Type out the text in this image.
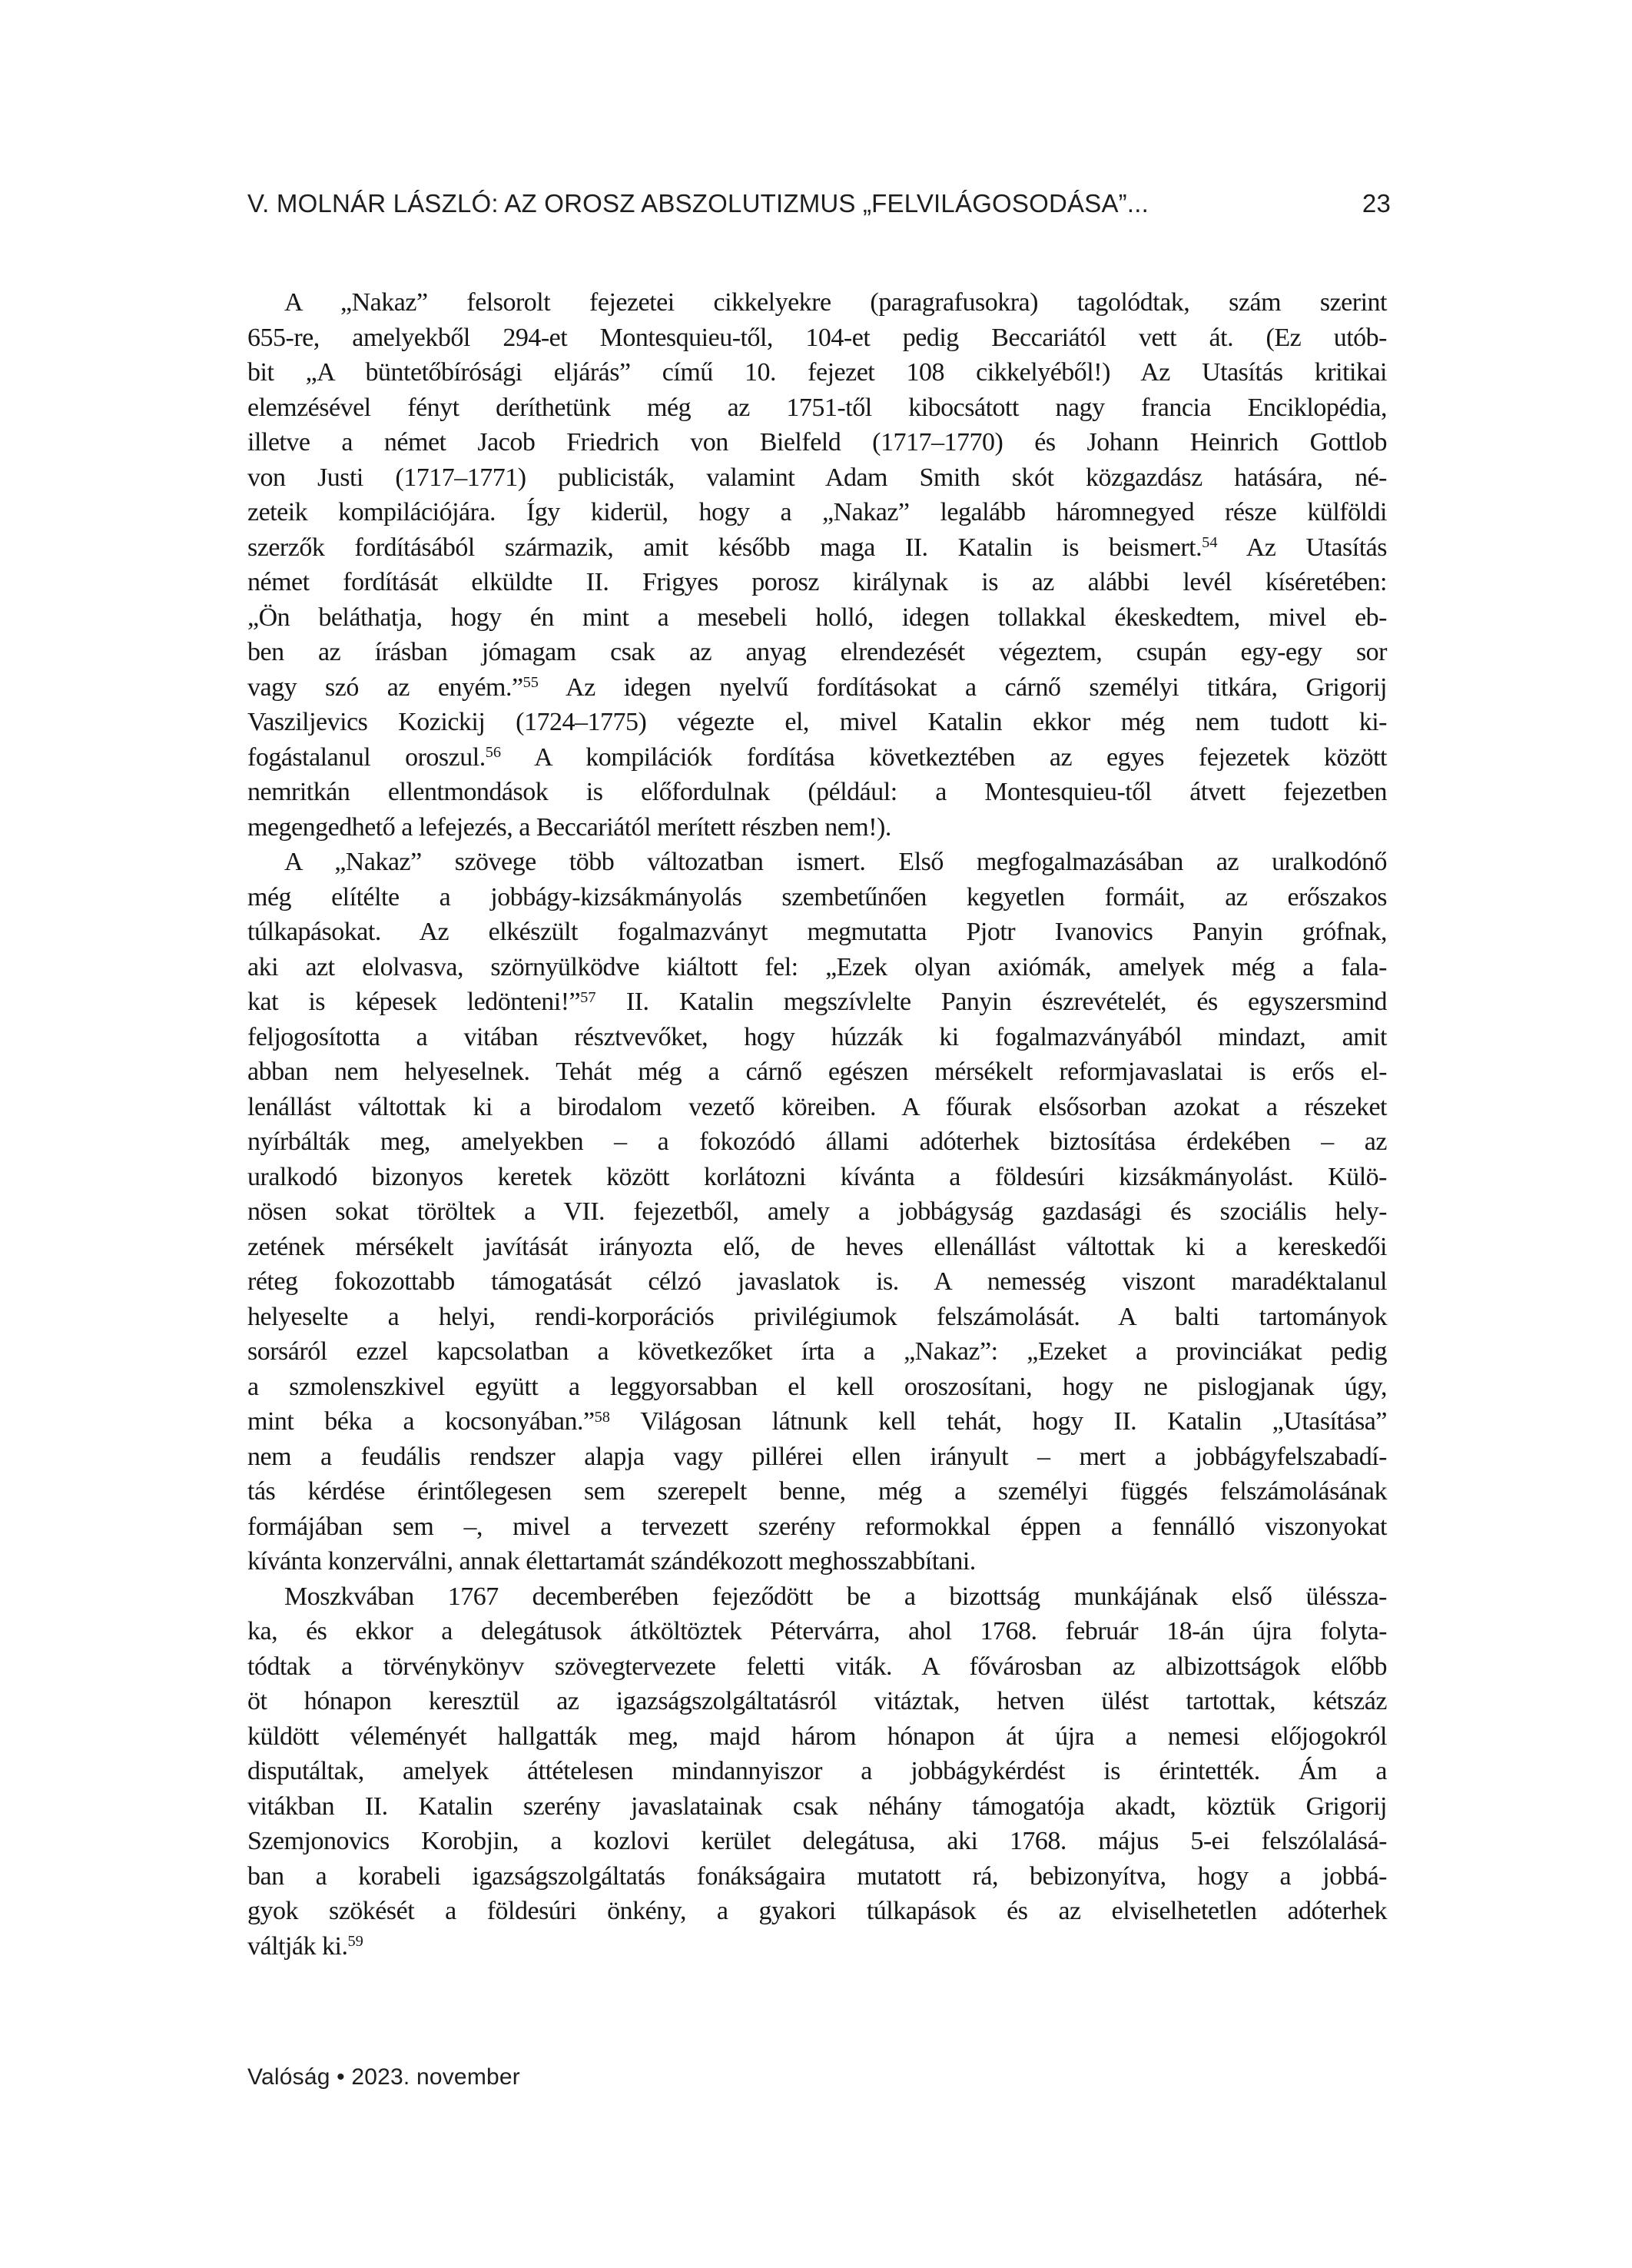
V. MOLNÁR LÁSZLÓ: AZ OROSZ ABSZOLUTIZMUS „FELVILÁGOSODÁSA”...	23
A „Nakaz” felsorolt fejezetei cikkelyekre (paragrafusokra) tagolódtak, szám szerint
655-re, amelyekből 294-et Montesquieu-től, 104-et pedig Beccariától vett át. (Ez utób-
bit „A büntetőbírósági eljárás” című 10. fejezet 108 cikkelyéből!) Az Utasítás kritikai
elemzésével fényt deríthetünk még az 1751-től kibocsátott nagy francia Enciklopédia,
illetve a német Jacob Friedrich von Bielfeld (1717–1770) és Johann Heinrich Gottlob
von Justi (1717–1771) publicisták, valamint Adam Smith skót közgazdász hatására, né-
zeteik kompilációjára. Így kiderül, hogy a „Nakaz” legalább háromnegyed része külföldi
szerzők fordításából származik, amit később maga II. Katalin is beismert.$^{54}$ Az Utasítás
német fordítását elküldte II. Frigyes porosz királynak is az alábbi levél kíséretében:
„Ön beláthatja, hogy én mint a mesebeli holló, idegen tollakkal ékeskedtem, mivel eb-
ben az írásban jómagam csak az anyag elrendezését végeztem, csupán egy-egy sor
vagy szó az enyém.”$^{55}$ Az idegen nyelvű fordításokat a cárnő személyi titkára, Grigorij
Vasziljevics Kozickij (1724–1775) végezte el, mivel Katalin ekkor még nem tudott ki-
fogástalanul oroszul.$^{56}$ A kompilációk fordítása következtében az egyes fejezetek között
nemritkán ellentmondások is előfordulnak (például: a Montesquieu-től átvett fejezetben
megengedhető a lefejezés, a Beccariától merített részben nem!).
A „Nakaz” szövege több változatban ismert. Első megfogalmazásában az uralkodónő
még elítélte a jobbágy-kizsákmányolás szembetűnően kegyetlen formáit, az erőszakos
túlkapásokat. Az elkészült fogalmazványt megmutatta Pjotr Ivanovics Panyin grófnak,
aki azt elolvasva, szörnyülködve kiáltott fel: „Ezek olyan axiómák, amelyek még a fala-
kat is képesek ledönteni!”$^{57}$ II. Katalin megszívlelte Panyin észrevételét, és egyszersmind
feljogosította a vitában résztvevőket, hogy húzzák ki fogalmazványából mindazt, amit
abban nem helyeselnek. Tehát még a cárnő egészen mérsékelt reformjavaslatai is erős el-
lenállást váltottak ki a birodalom vezető köreiben. A főurak elsősorban azokat a részeket
nyírbálták meg, amelyekben – a fokozódó állami adóterhek biztosítása érdekében – az
uralkodó bizonyos keretek között korlátozni kívánta a földesúri kizsákmányolást. Külö-
nösen sokat töröltek a VII. fejezetből, amely a jobbágyság gazdasági és szociális hely-
zetének mérsékelt javítását irányozta elő, de heves ellenállást váltottak ki a kereskedői
réteg fokozottabb támogatását célzó javaslatok is. A nemesség viszont maradéktalanul
helyeselte a helyi, rendi-korporációs privilégiumok felszámolását. A balti tartományok
sorsáról ezzel kapcsolatban a következőket írta a „Nakaz”: „Ezeket a provinciákat pedig
a szmolenszkivel együtt a leggyorsabban el kell oroszosítani, hogy ne pislogjanak úgy,
mint béka a kocsonyában.”$^{58}$ Világosan látnunk kell tehát, hogy II. Katalin „Utasítása”
nem a feudális rendszer alapja vagy pillérei ellen irányult – mert a jobbágyfelszabadí-
tás kérdése érintőlegesen sem szerepelt benne, még a személyi függés felszámolásának
formájában sem –, mivel a tervezett szerény reformokkal éppen a fennálló viszonyokat
kívánta konzerválni, annak élettartamát szándékozott meghosszabbítani.
Moszkvában 1767 decemberében fejeződött be a bizottság munkájának első üléssza-
ka, és ekkor a delegátusok átköltöztek Pétervárra, ahol 1768. február 18-án újra folyta-
tódtak a törvénykönyv szövegtervezete feletti viták. A fővárosban az albizottságok előbb
öt hónapon keresztül az igazságszolgáltatásról vitáztak, hetven ülést tartottak, kétszáz
küldött véleményét hallgatták meg, majd három hónapon át újra a nemesi előjogokról
disputáltak, amelyek áttételesen mindannyiszor a jobbágykérdést is érintették. Ám a
vitákban II. Katalin szerény javaslatainak csak néhány támogatója akadt, köztük Grigorij
Szemjonovics Korobjin, a kozlovi kerület delegátusa, aki 1768. május 5-ei felszólalásá-
ban a korabeli igazságszolgáltatás fonákságaira mutatott rá, bebizonyítva, hogy a jobbá-
gyok szökését a földesúri önkény, a gyakori túlkapások és az elviselhetetlen adóterhek
váltják ki.$^{59}$
Valóság • 2023. november
